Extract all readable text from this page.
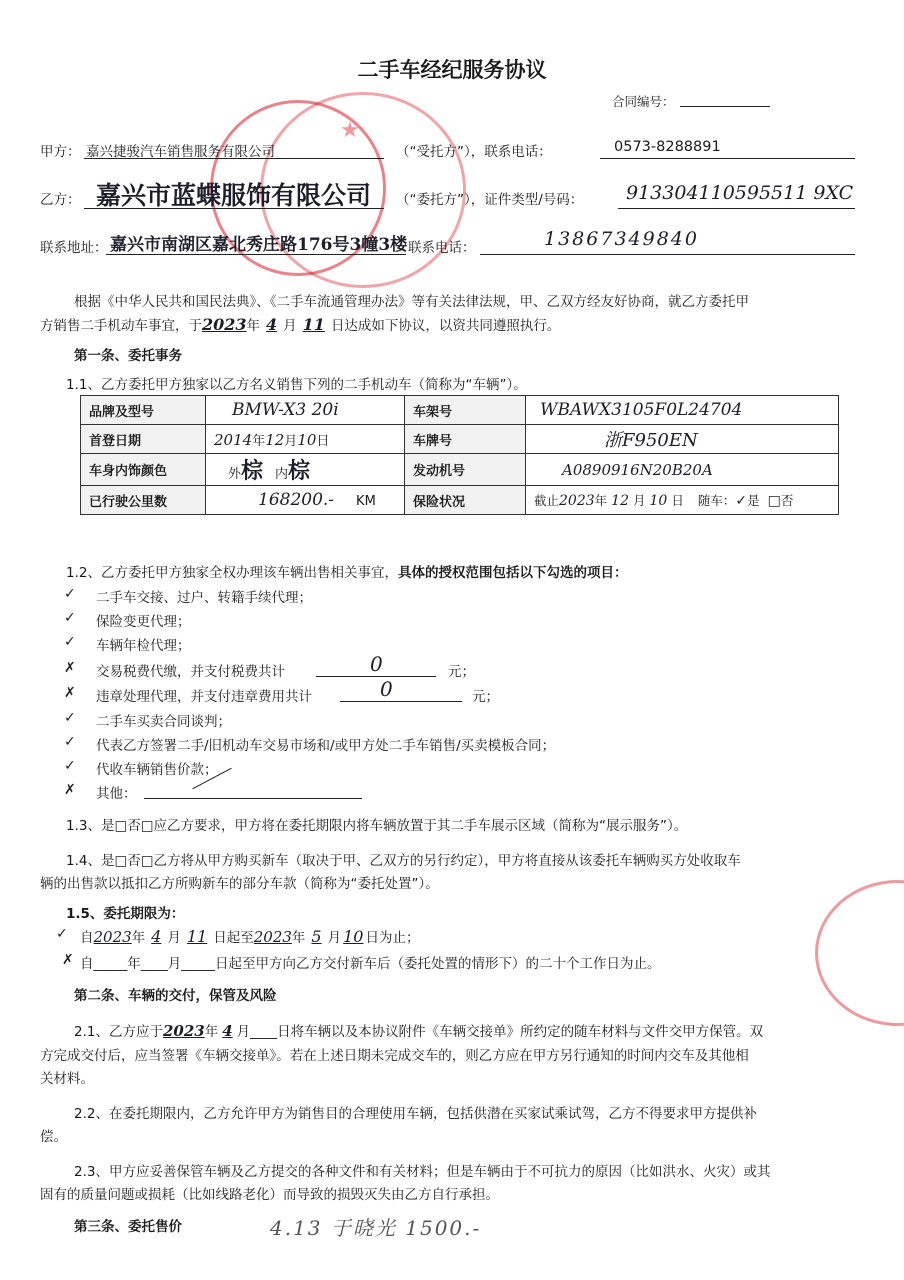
二手车经纪服务协议
合同编号：
★
甲方： 嘉兴捷骏汽车销售服务有限公司	（“受托方”），联系电话：	0573-8288891
乙方： 嘉兴市蓝蝶服饰有限公司 （“委托方”），证件类型/号码： 913304110595511 9XC
联系地址： 嘉兴市南湖区嘉北秀庄路176号3幢3楼 联系电话：	13867349840
根据《中华人民共和国民法典》、《二手车流通管理办法》等有关法律法规，甲、乙双方经友好协商，就乙方委托甲
方销售二手机动车事宜，于2023年 4 月 11 日达成如下协议，以资共同遵照执行。
第一条、委托事务
1.1、乙方委托甲方独家以乙方名义销售下列的二手机动车（简称为“车辆”）。
品牌及型号	BMW-X3 20i	车架号	WBAWX3105F0L24704
首登日期	2014年12月10日	车牌号	浙F950EN
车身内饰颜色	外棕 内棕	发动机号	A0890916N20B20A
已行驶公里数	168200.- KM	保险状况	截止2023年 12 月 10 日 随车：✓是 □否
1.2、乙方委托甲方独家全权办理该车辆出售相关事宜，具体的授权范围包括以下勾选的项目：
✓ 二手车交接、过户、转籍手续代理；
✓ 保险变更代理；
✓ 车辆年检代理；
✗ 交易税费代缴，并支付税费共计	0	元；
✗ 违章处理代理，并支付违章费用共计	0	元；
✓ 二手车买卖合同谈判；
✓ 代表乙方签署二手/旧机动车交易市场和/或甲方处二手车销售/买卖模板合同；
✓ 代收车辆销售价款；
✗ 其他：
1.3、是□否□应乙方要求，甲方将在委托期限内将车辆放置于其二手车展示区域（简称为“展示服务”）。
1.4、是□否□乙方将从甲方购买新车（取决于甲、乙双方的另行约定），甲方将直接从该委托车辆购买方处收取车
辆的出售款以抵扣乙方所购新车的部分车款（简称为“委托处置”）。
1.5、委托期限为：
✓ 自2023年 4 月 11 日起至2023年 5 月 10 日为止；
✗ 自_____年____月_____日起至甲方向乙方交付新车后（委托处置的情形下）的二十个工作日为止。
第二条、车辆的交付，保管及风险
2.1、乙方应于2023年 4 月____日将车辆以及本协议附件《车辆交接单》所约定的随车材料与文件交甲方保管。双
方完成交付后，应当签署《车辆交接单》。若在上述日期未完成交车的，则乙方应在甲方另行通知的时间内交车及其他相
关材料。
2.2、在委托期限内，乙方允许甲方为销售目的合理使用车辆，包括供潜在买家试乘试驾，乙方不得要求甲方提供补
偿。
2.3、甲方应妥善保管车辆及乙方提交的各种文件和有关材料；但是车辆由于不可抗力的原因（比如洪水、火灾）或其
固有的质量问题或损耗（比如线路老化）而导致的损毁灭失由乙方自行承担。
第三条、委托售价	4.13 于晓光 1500.-
